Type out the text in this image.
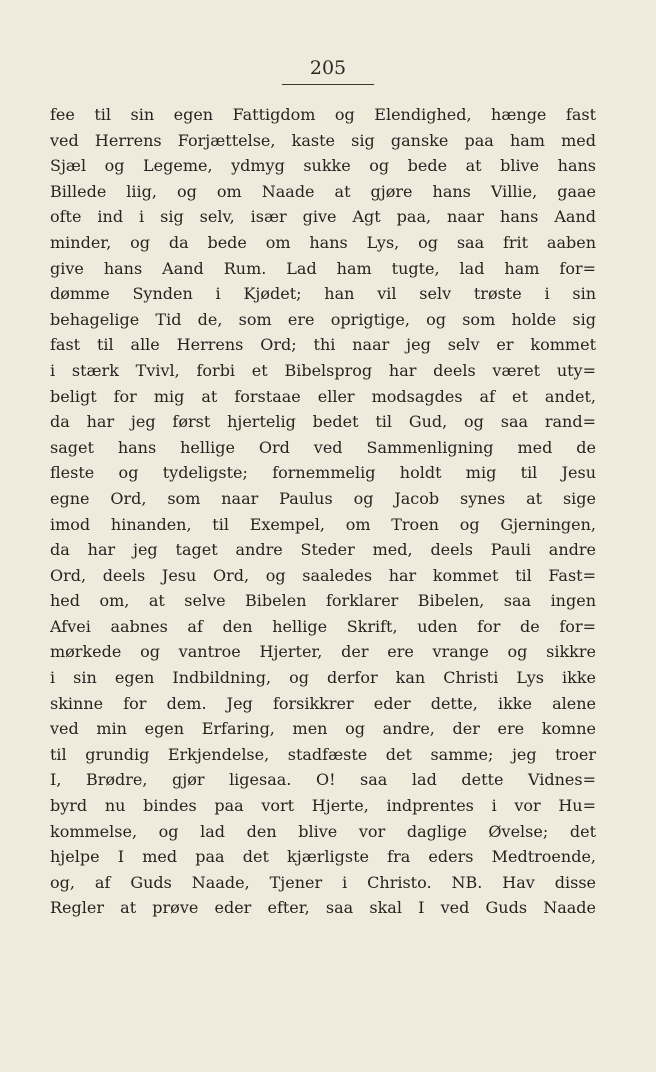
205
fee til sin egen Fattigdom og Elendighed, hænge fast
ved Herrens Forjættelse, kaste sig ganske paa ham med
Sjæl og Legeme, ydmyg sukke og bede at blive hans
Billede liig, og om Naade at gjøre hans Villie, gaae
ofte ind i sig selv, især give Agt paa, naar hans Aand
minder, og da bede om hans Lys, og saa frit aaben
give hans Aand Rum. Lad ham tugte, lad ham for=
dømme Synden i Kjødet; han vil selv trøste i sin
behagelige Tid de, som ere oprigtige, og som holde sig
fast til alle Herrens Ord; thi naar jeg selv er kommet
i stærk Tvivl, forbi et Bibelsprog har deels været uty=
beligt for mig at forstaae eller modsagdes af et andet,
da har jeg først hjertelig bedet til Gud, og saa rand=
saget hans hellige Ord ved Sammenligning med de
fleste og tydeligste; fornemmelig holdt mig til Jesu
egne Ord, som naar Paulus og Jacob synes at sige
imod hinanden, til Exempel, om Troen og Gjerningen,
da har jeg taget andre Steder med, deels Pauli andre
Ord, deels Jesu Ord, og saaledes har kommet til Fast=
hed om, at selve Bibelen forklarer Bibelen, saa ingen
Afvei aabnes af den hellige Skrift, uden for de for=
mørkede og vantroe Hjerter, der ere vrange og sikkre
i sin egen Indbildning, og derfor kan Christi Lys ikke
skinne for dem. Jeg forsikkrer eder dette, ikke alene
ved min egen Erfaring, men og andre, der ere komne
til grundig Erkjendelse, stadfæste det samme; jeg troer
I, Brødre, gjør ligesaa. O! saa lad dette Vidnes=
byrd nu bindes paa vort Hjerte, indprentes i vor Hu=
kommelse, og lad den blive vor daglige Øvelse; det
hjelpe I med paa det kjærligste fra eders Medtroende,
og, af Guds Naade, Tjener i Christo. NB. Hav disse
Regler at prøve eder efter, saa skal I ved Guds Naade
